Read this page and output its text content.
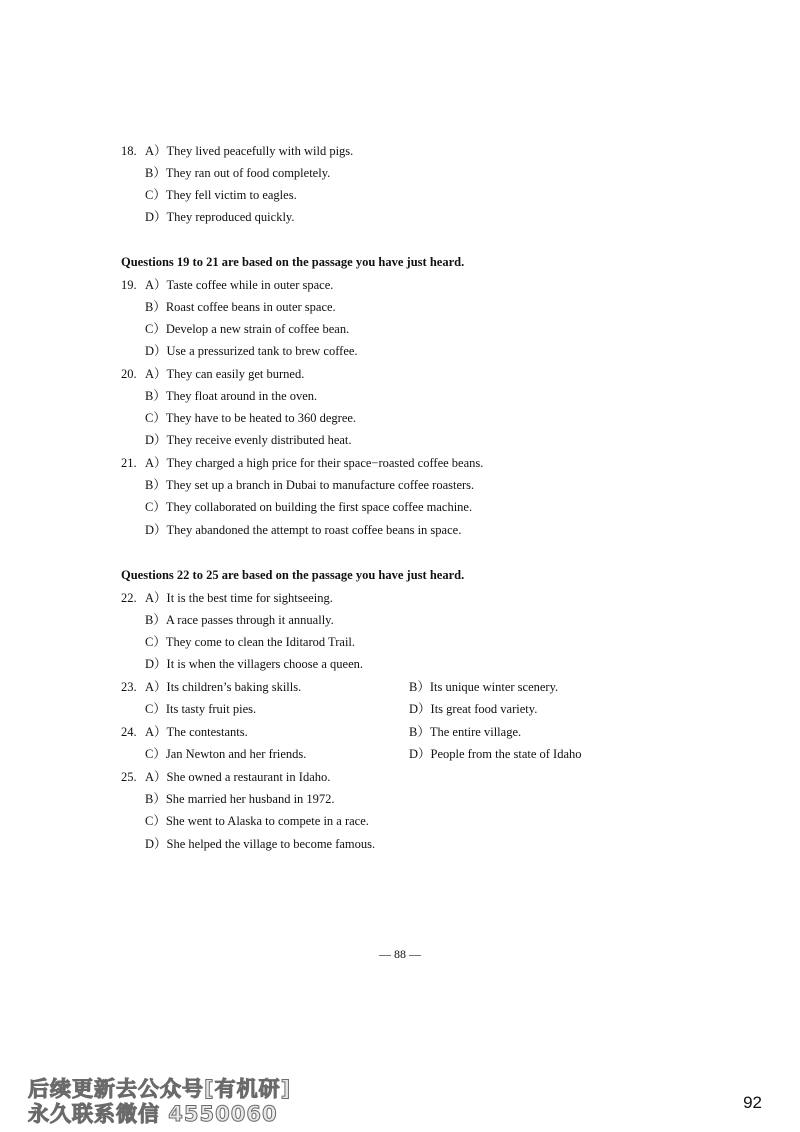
18. A）They lived peacefully with wild pigs.
B）They ran out of food completely.
C）They fell victim to eagles.
D）They reproduced quickly.
Questions 19 to 21 are based on the passage you have just heard.
19. A）Taste coffee while in outer space.
B）Roast coffee beans in outer space.
C）Develop a new strain of coffee bean.
D）Use a pressurized tank to brew coffee.
20. A）They can easily get burned.
B）They float around in the oven.
C）They have to be heated to 360 degree.
D）They receive evenly distributed heat.
21. A）They charged a high price for their space−roasted coffee beans.
B）They set up a branch in Dubai to manufacture coffee roasters.
C）They collaborated on building the first space coffee machine.
D）They abandoned the attempt to roast coffee beans in space.
Questions 22 to 25 are based on the passage you have just heard.
22. A）It is the best time for sightseeing.
B）A race passes through it annually.
C）They come to clean the Iditarod Trail.
D）It is when the villagers choose a queen.
23. A）Its children’s baking skills.	B）Its unique winter scenery.
C）Its tasty fruit pies.	D）Its great food variety.
24. A）The contestants.	B）The entire village.
C）Jan Newton and her friends.	D）People from the state of Idaho
25. A）She owned a restaurant in Idaho.
B）She married her husband in 1972.
C）She went to Alaska to compete in a race.
D）She helped the village to become famous.
— 88 —
后续更新去公众号[有机研]
永久联系微信 4550060	92
